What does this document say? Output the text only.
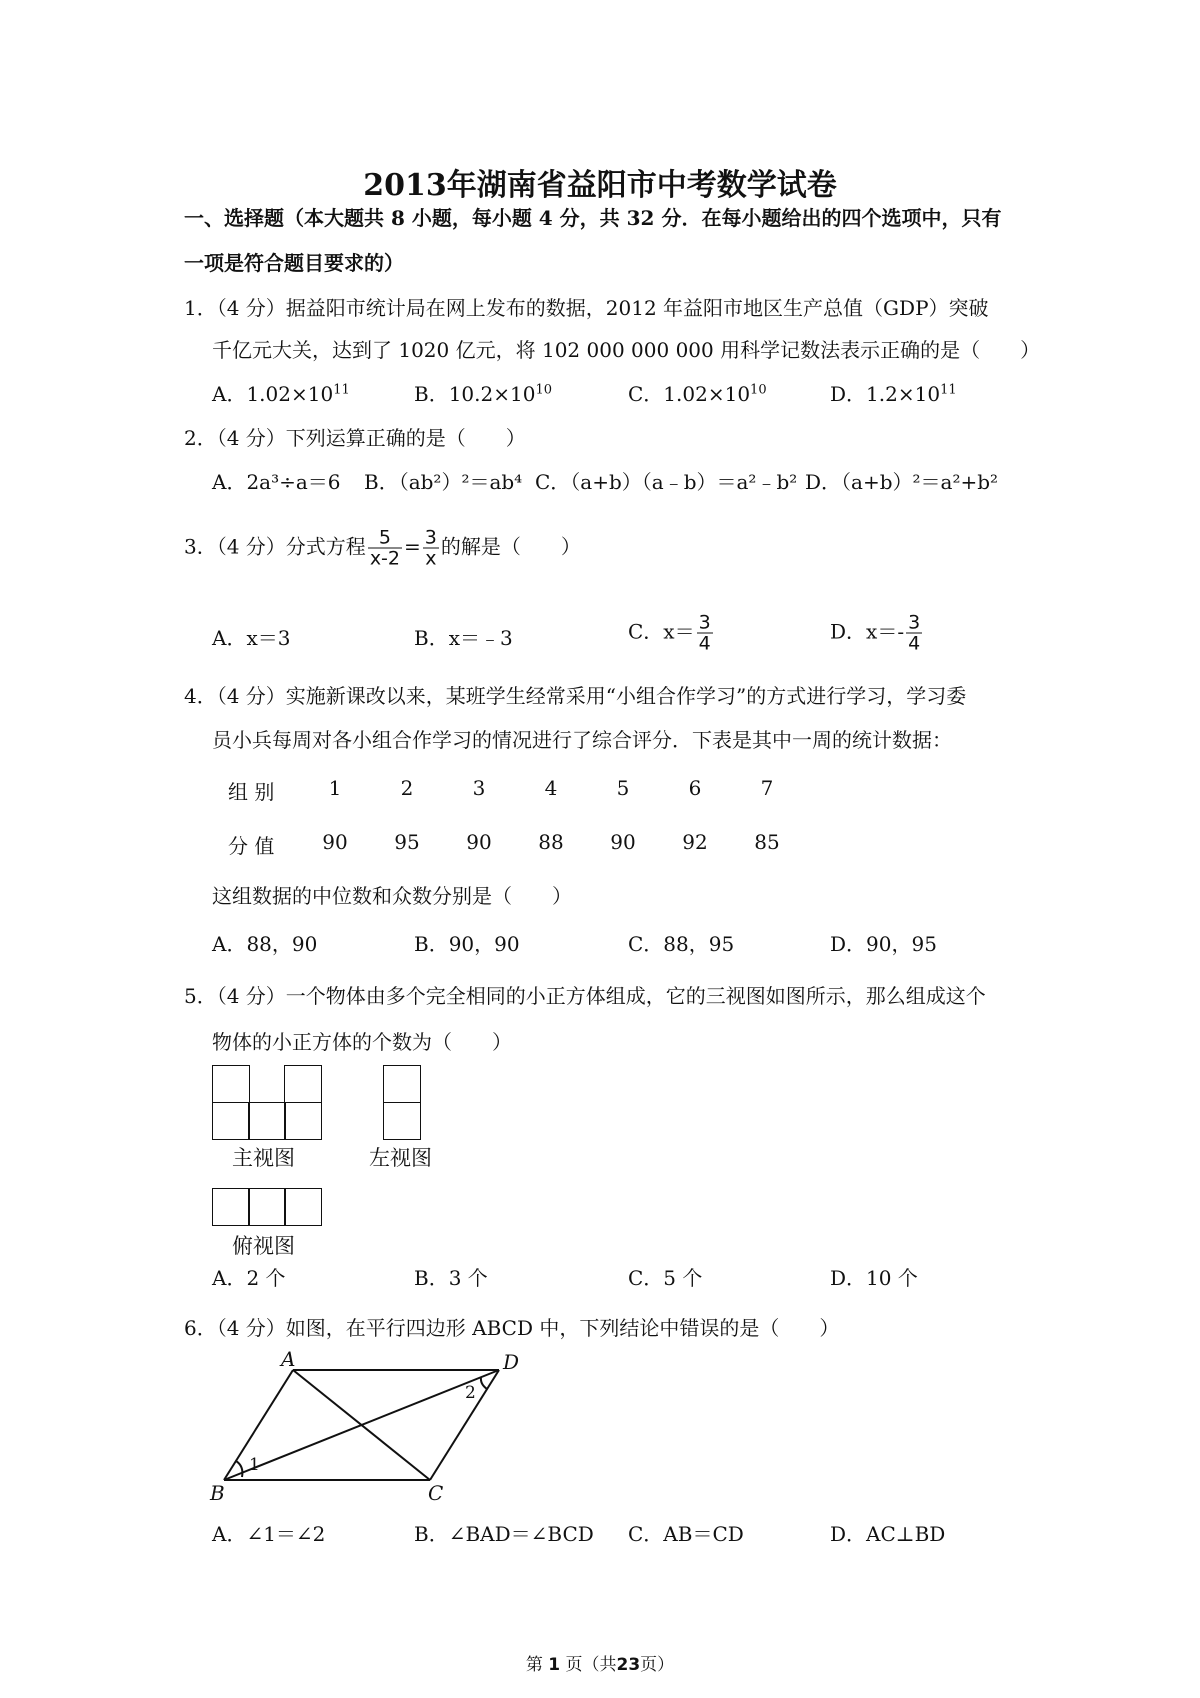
2013年湖南省益阳市中考数学试卷
一、选择题（本大题共 8 小题，每小题 4 分，共 32 分．在每小题给出的四个选项中，只有
一项是符合题目要求的）
1．（4 分）据益阳市统计局在网上发布的数据，2012 年益阳市地区生产总值（GDP）突破
千亿元大关，达到了 1020 亿元，将 102 000 000 000 用科学记数法表示正确的是（　　）
A．$1.02\times 10^{11}$	B．$10.2\times 10^{10}$	C．$1.02\times 10^{10}$	D．$1.2\times 10^{11}$
2．（4 分）下列运算正确的是（　　）
A．2a³÷a＝6 B．（ab²）²＝ab⁴ C．（a+b）（a﹣b）＝a²﹣b² D．（a+b）²＝a²+b²
3．（4 分）分式方程 $\frac{5}{x-2} = \frac{3}{x}$ 的解是（　　）
A．x＝3	B．x＝﹣3	C．$x= \frac{3}{4}$	D．$x=- \frac{3}{4}$
4．（4 分）实施新课改以来，某班学生经常采用“小组合作学习”的方式进行学习，学习委
员小兵每周对各小组合作学习的情况进行了综合评分．下表是其中一周的统计数据：
组 别	1	2	3	4	5	6	7
分 值	90	95	90	88	90	92	85
这组数据的中位数和众数分别是（　　）
A．88，90	B．90，90	C．88，95	D．90，95
5．（4 分）一个物体由多个完全相同的小正方体组成，它的三视图如图所示，那么组成这个
物体的小正方体的个数为（　　）
主视图	左视图
俯视图
A．2 个	B．3 个	C．5 个	D．10 个
6．（4 分）如图，在平行四边形 ABCD 中，下列结论中错误的是（　　）
A	D
B	C
1
2
A．∠1＝∠2	B．∠BAD＝∠BCD C．AB＝CD	D．AC⊥BD
第 1 页（共23页）
